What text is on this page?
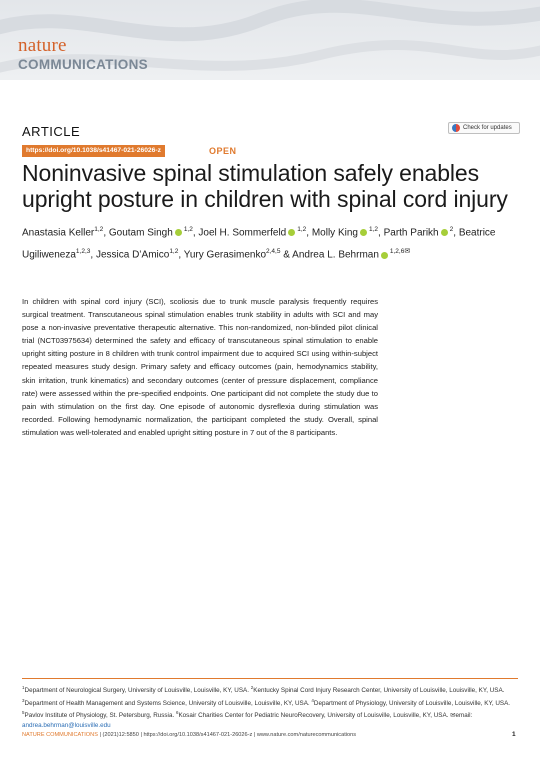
nature
COMMUNICATIONS
ARTICLE	Check for updates
https://doi.org/10.1038/s41467-021-26026-z	OPEN
Noninvasive spinal stimulation safely enables upright posture in children with spinal cord injury
Anastasia Keller$^{1,2}$, Goutam Singh $^{1,2}$, Joel H. Sommerfeld $^{1,2}$, Molly King $^{1,2}$, Parth Parikh $^2$, Beatrice Ugiliweneza$^{1,2,3}$, Jessica D’Amico$^{1,2}$, Yury Gerasimenko$^{2,4,5}$ & Andrea L. Behrman $^{1,2,6✉}$

In children with spinal cord injury (SCI), scoliosis due to trunk muscle paralysis frequently requires surgical treatment. Transcutaneous spinal stimulation enables trunk stability in adults with SCI and may pose a non-invasive preventative therapeutic alternative. This non-randomized, non-blinded pilot clinical trial (NCT03975634) determined the safety and efficacy of transcutaneous spinal stimulation to enable upright sitting posture in 8 children with trunk control impairment due to acquired SCI using within-subject repeated measures study design. Primary safety and efficacy outcomes (pain, hemodynamics stability, skin irritation, trunk kinematics) and secondary outcomes (center of pressure displacement, compliance rate) were assessed within the pre-specified endpoints. One participant did not complete the study due to pain with stimulation on the first day. One episode of autonomic dysreflexia during stimulation was recorded. Following hemodynamic normalization, the participant completed the study. Overall, spinal stimulation was well-tolerated and enabled upright sitting posture in 7 out of the 8 participants.

$^1$Department of Neurological Surgery, University of Louisville, Louisville, KY, USA. $^2$Kentucky Spinal Cord Injury Research Center, University of Louisville, Louisville, KY, USA. $^3$Department of Health Management and Systems Science, University of Louisville, Louisville, KY, USA. $^4$Department of Physiology, University of Louisville, Louisville, KY, USA. $^5$Pavlov Institute of Physiology, St. Petersburg, Russia. $^6$Kosair Charities Center for Pediatric NeuroRecovery, University of Louisville, Louisville, KY, USA. ✉email: andrea.behrman@louisville.edu

NATURE COMMUNICATIONS | (2021)12:5850 | https://doi.org/10.1038/s41467-021-26026-z | www.nature.com/naturecommunications	1
